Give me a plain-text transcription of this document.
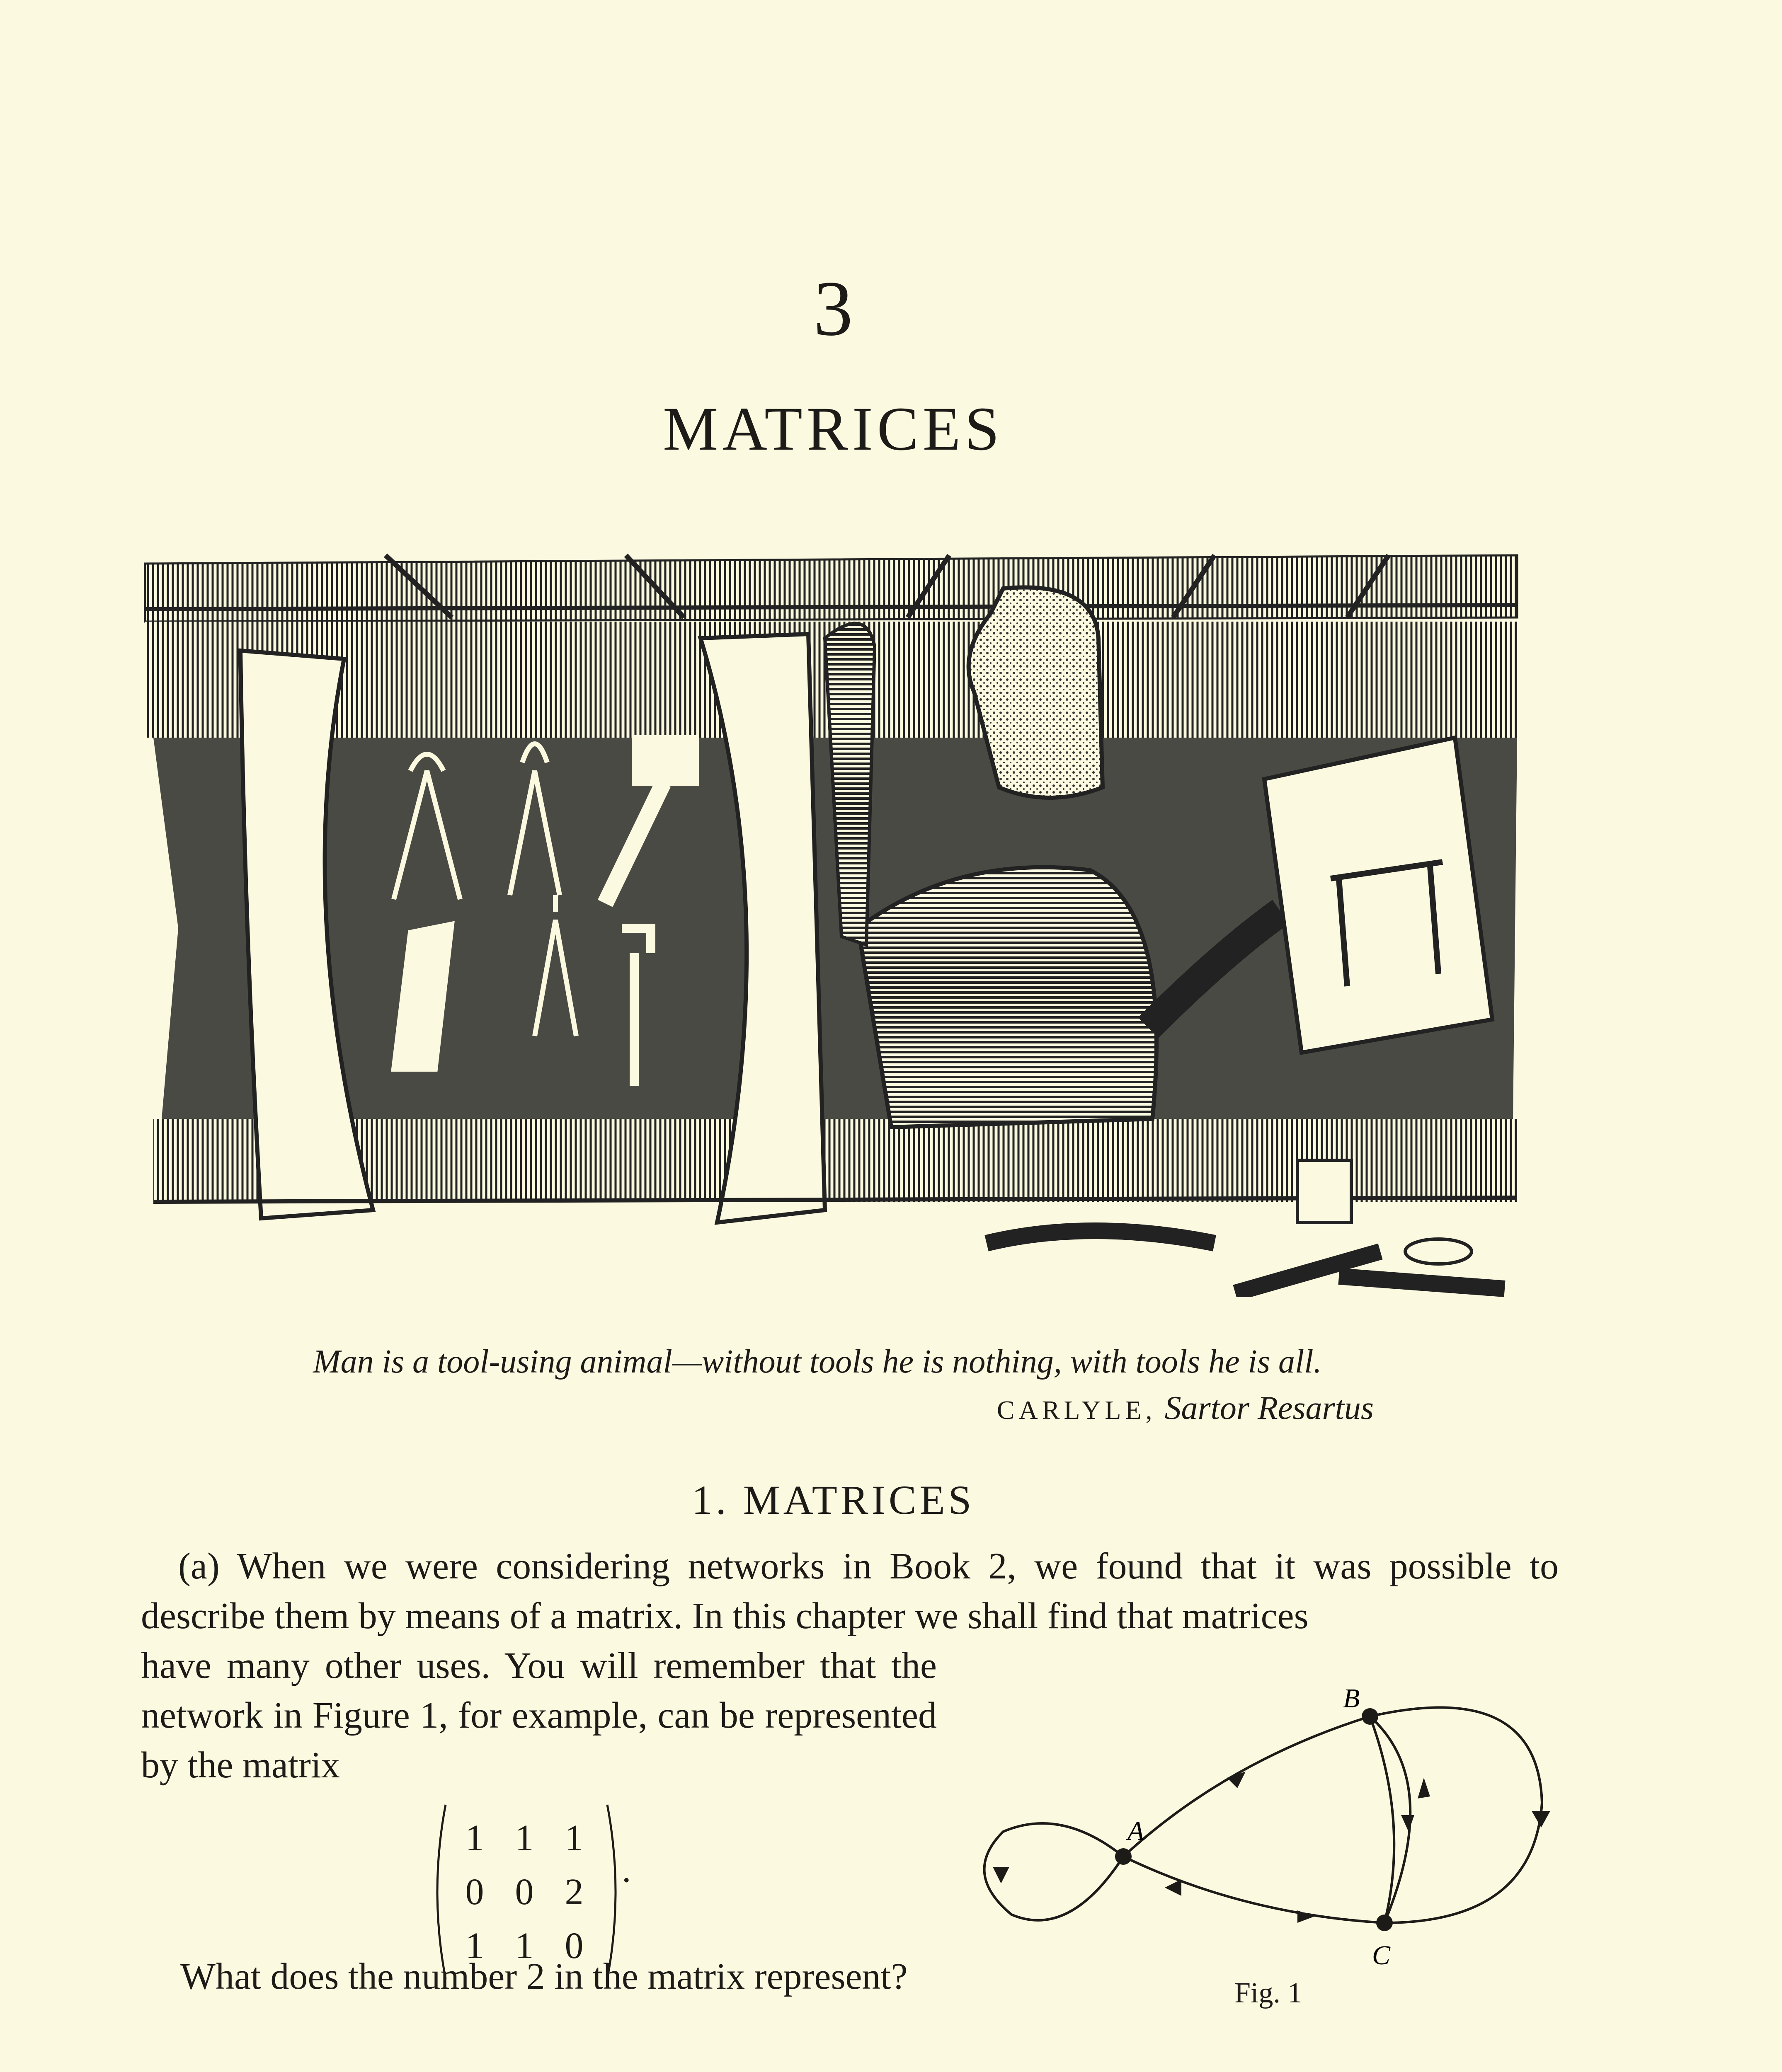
3
MATRICES
Man is a tool-using animal—without tools he is nothing, with tools he is all.
CARLYLE, Sartor Resartus
1. MATRICES

(a) When we were considering networks in Book 2, we found that it was possible to describe them by means of a matrix. In this chapter we shall find that matrices

have many other uses. You will remember that the network in Figure 1, for example, can be represented by the matrix

1 1 1
0 0 2
1 1 0
.

What does the number 2 in the matrix represent?

A
B
C
Fig. 1
